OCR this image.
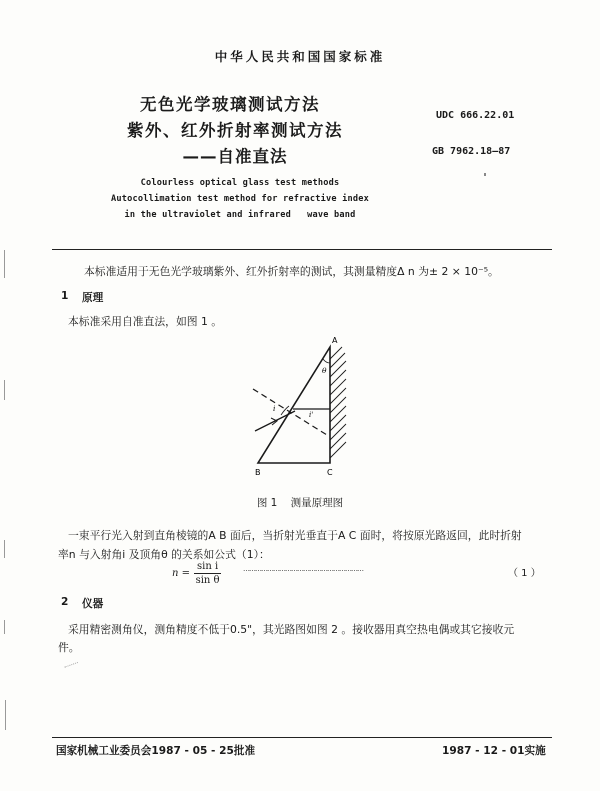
中华人民共和国国家标准
无色光学玻璃测试方法
紫外、红外折射率测试方法
——自准直法
UDC 666.22.01
GB 7962.18—87
Colourless optical glass test methods
Autocollimation test method for refractive index
in the ultraviolet and infrared   wave band
本标准适用于无色光学玻璃紫外、红外折射率的测试，其测量精度Δ n 为± 2 × 10⁻⁵。
1 原理
本标准采用自准直法，如图 1 。
A
B	C
θ
i
i'
图 1    测量原理图
一束平行光入射到直角棱镜的A B 面后，当折射光垂直于A C 面时，将按原光路返回，此时折射
率n 与入射角i 及顶角θ 的关系如公式（1）：
$n = \frac{\text{sin i}}{\text{sin θ}}$	……………………………………………………	（ 1 ）
2 仪器
采用精密测角仪，测角精度不低于0.5"，其光路图如图 2 。接收器用真空热电偶或其它接收元
件。
国家机械工业委员会1987 - 05 - 25批准	1987 - 12 - 01实施
